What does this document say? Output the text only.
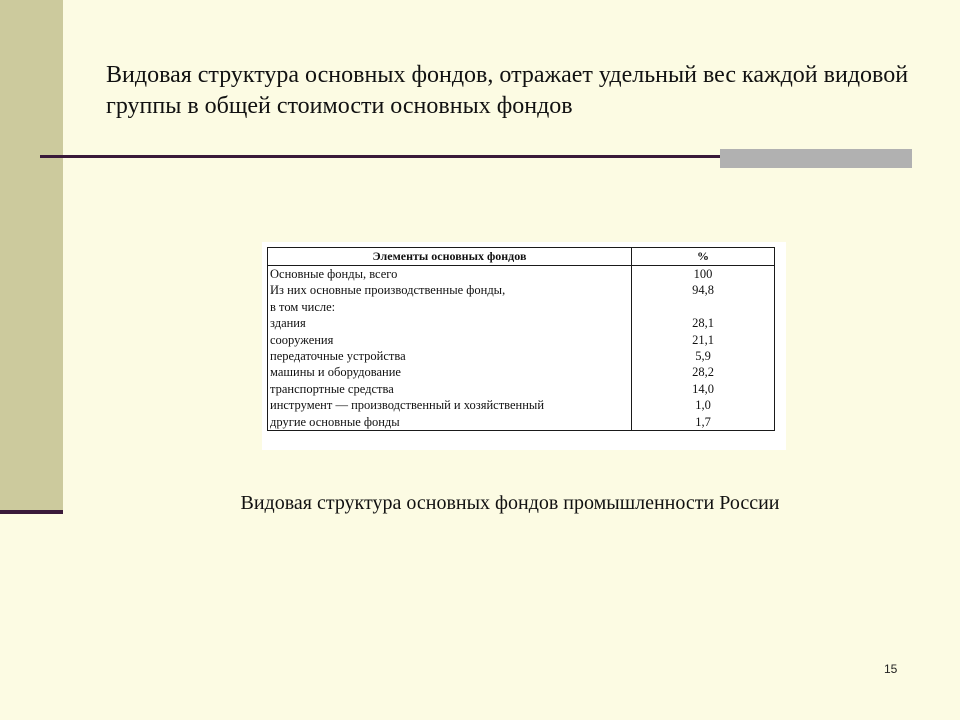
Видовая структура основных фондов, отражает удельный вес каждой видовой группы в общей стоимости основных фондов
Элементы основных фондов	%
Основные фонды, всего	100
Из них основные производственные фонды,	94,8
в том числе:	
здания	28,1
сооружения	21,1
передаточные устройства	5,9
машины и оборудование	28,2
транспортные средства	14,0
инструмент — производственный и хозяйственный	1,0
другие основные фонды	1,7
Видовая структура основных фондов промышленности России
15
